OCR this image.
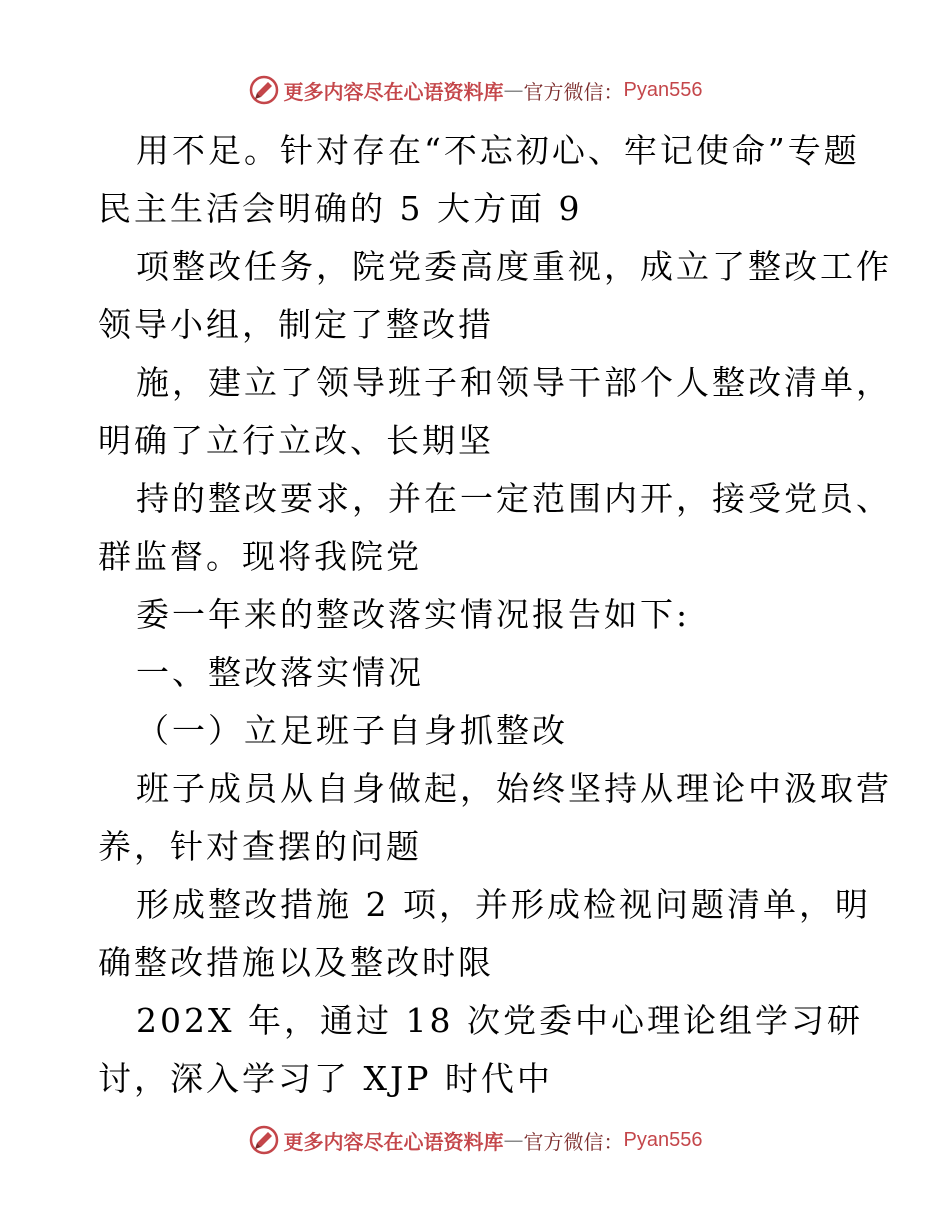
更多内容尽在心语资料库 — 官方微信： Pyan556
用不足。针对存在“不忘初心、牢记使命”专题
民主生活会明确的 5 大方面 9
项整改任务，院党委高度重视，成立了整改工作
领导小组，制定了整改措
施，建立了领导班子和领导干部个人整改清单，
明确了立行立改、长期坚
持的整改要求，并在一定范围内开，接受党员、
群监督。现将我院党
委一年来的整改落实情况报告如下:
一、整改落实情况
（一）立足班子自身抓整改
班子成员从自身做起，始终坚持从理论中汲取营
养，针对查摆的问题
形成整改措施 2 项，并形成检视问题清单，明
确整改措施以及整改时限
202X 年，通过 18 次党委中心理论组学习研
讨，深入学习了 XJP 时代中
更多内容尽在心语资料库 — 官方微信： Pyan556
